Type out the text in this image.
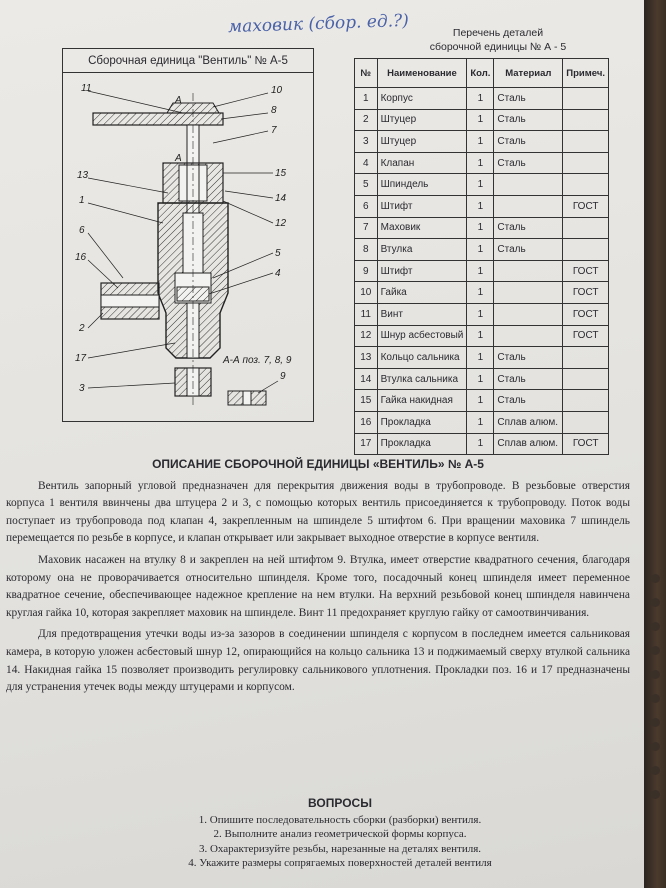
маховик (сбор. ед.?)

Сборочная единица "Вентиль" № А-5

А
А
11	10
8
7
15
14
12
5
4
13
1
6
16
2
17
3
9
А-А поз. 7, 8, 9
Перечень деталей
сборочной единицы № А - 5
№	Наименование	Кол.	Материал	Примеч.
1	Корпус	1	Сталь	
2	Штуцер	1	Сталь	
3	Штуцер	1	Сталь	
4	Клапан	1	Сталь	
5	Шпиндель	1		
6	Штифт	1		ГОСТ
7	Маховик	1	Сталь	
8	Втулка	1	Сталь	
9	Штифт	1		ГОСТ
10	Гайка	1		ГОСТ
11	Винт	1		ГОСТ
12	Шнур асбестовый	1		ГОСТ
13	Кольцо сальника	1	Сталь	
14	Втулка сальника	1	Сталь	
15	Гайка накидная	1	Сталь	
16	Прокладка	1	Сплав алюм.	
17	Прокладка	1	Сплав алюм.	ГОСТ
ОПИСАНИЕ СБОРОЧНОЙ ЕДИНИЦЫ «ВЕНТИЛЬ» № А-5

Вентиль запорный угловой предназначен для перекрытия движения воды в трубопроводе. В резьбовые отверстия корпуса 1 вентиля ввинчены два штуцера 2 и 3, с помощью которых вентиль присоединяется к трубопроводу. Поток воды поступает из трубопровода под клапан 4, закрепленным на шпинделе 5 штифтом 6. При вращении маховика 7 шпиндель перемещается по резьбе в корпусе, и клапан открывает или закрывает выходное отверстие в корпусе вентиля.

Маховик насажен на втулку 8 и закреплен на ней штифтом 9. Втулка, имеет отверстие квадратного сечения, благодаря которому она не проворачивается относительно шпинделя. Кроме того, посадочный конец шпинделя имеет переменное квадратное сечение, обеспечивающее надежное крепление на нем втулки. На верхний резьбовой конец шпинделя навинчена круглая гайка 10, которая закрепляет маховик на шпинделе. Винт 11 предохраняет круглую гайку от самоотвинчивания.

Для предотвращения утечки воды из-за зазоров в соединении шпинделя с корпусом в последнем имеется сальниковая камера, в которую уложен асбестовый шнур 12, опирающийся на кольцо сальника 13 и поджимаемый сверху втулкой сальника 14. Накидная гайка 15 позволяет производить регулировку сальникового уплотнения. Прокладки поз. 16 и 17 предназначены для устранения утечек воды между штуцерами и корпусом.

ВОПРОСЫ
1. Опишите последовательность сборки (разборки) вентиля.
2. Выполните анализ геометрической формы корпуса.
3. Охарактеризуйте резьбы, нарезанные на деталях вентиля.
4. Укажите размеры сопрягаемых поверхностей деталей вентиля
